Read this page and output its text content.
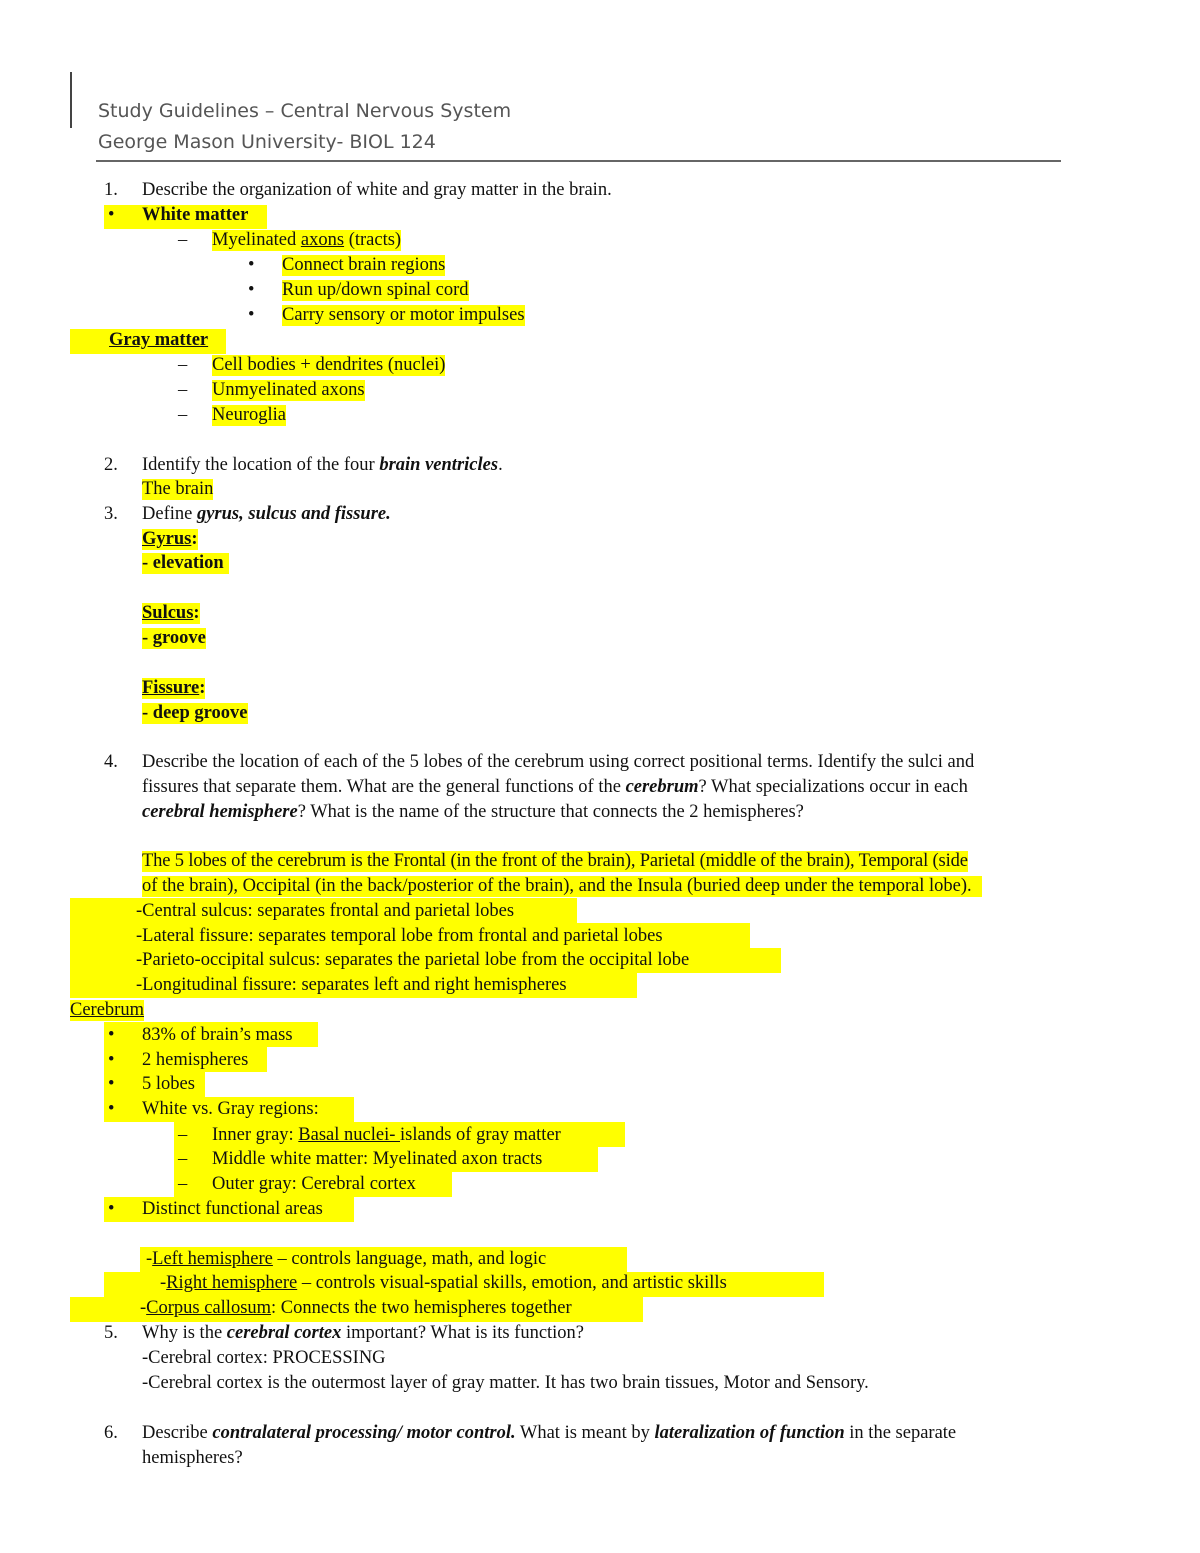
Study Guidelines – Central Nervous System
George Mason University- BIOL 124
1. Describe the organization of white and gray matter in the brain.
• White matter
– Myelinated axons (tracts)
• Connect brain regions
• Run up/down spinal cord
• Carry sensory or motor impulses
Gray matter
– Cell bodies + dendrites (nuclei)
– Unmyelinated axons
– Neuroglia
2. Identify the location of the four brain ventricles.
The brain
3. Define gyrus, sulcus and fissure.
Gyrus:
- elevation
Sulcus:
- groove
Fissure:
- deep groove
4. Describe the location of each of the 5 lobes of the cerebrum using correct positional terms. Identify the sulci and
fissures that separate them. What are the general functions of the cerebrum? What specializations occur in each
cerebral hemisphere? What is the name of the structure that connects the 2 hemispheres?
The 5 lobes of the cerebrum is the Frontal (in the front of the brain), Parietal (middle of the brain), Temporal (side
of the brain), Occipital (in the back/posterior of the brain), and the Insula (buried deep under the temporal lobe).
-Central sulcus: separates frontal and parietal lobes
-Lateral fissure: separates temporal lobe from frontal and parietal lobes
-Parieto-occipital sulcus: separates the parietal lobe from the occipital lobe
-Longitudinal fissure: separates left and right hemispheres
Cerebrum
• 83% of brain’s mass
• 2 hemispheres
• 5 lobes
• White vs. Gray regions:
– Inner gray: Basal nuclei- islands of gray matter
– Middle white matter: Myelinated axon tracts
– Outer gray: Cerebral cortex
• Distinct functional areas
-Left hemisphere – controls language, math, and logic
-Right hemisphere – controls visual-spatial skills, emotion, and artistic skills
-Corpus callosum: Connects the two hemispheres together
5. Why is the cerebral cortex important? What is its function?
-Cerebral cortex: PROCESSING
-Cerebral cortex is the outermost layer of gray matter. It has two brain tissues, Motor and Sensory.
6. Describe contralateral processing/ motor control. What is meant by lateralization of function in the separate
hemispheres?
